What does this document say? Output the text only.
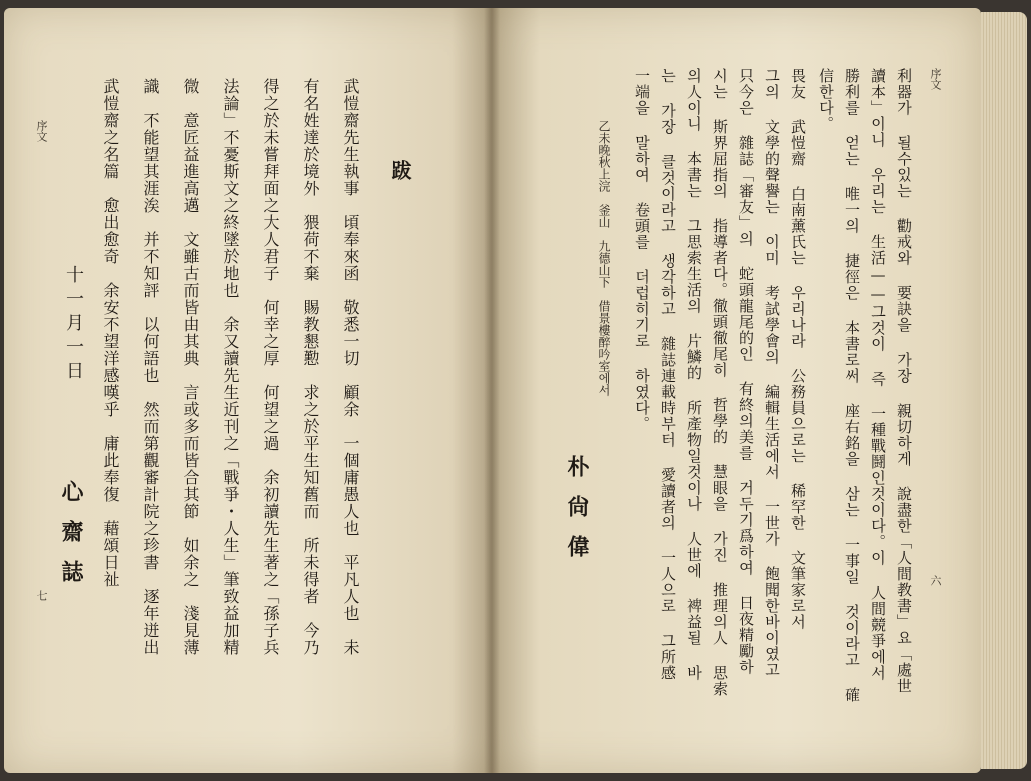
序文
七 心齋誌
十一月一日 武愷齋之名篇　愈出愈奇　余安不望洋感嘆乎　庸此奉復　藉頌日祉 識　不能望其涯涘　并不知評　以何語也　然而第觀審計院之珍書　逐年迸出 微　意匠益進高邁　文雖古而皆由其典　言或多而皆合其節　如余之　淺見薄 法論」不憂斯文之終墜於地也　余又讀先生近刊之「戰爭・人生」筆致益加精 得之於未嘗拜面之大人君子　何幸之厚　何望之過　余初讀先生著之「孫子兵 有名姓達於境外　猥荷不棄　賜教懇懃　求之於平生知舊而　所未得者　今乃 武愷齋先生執事　頃奉來函　敬悉一切　顧余　一個庸愚人也　平凡人也　未 跋
朴尙偉
乙未晚秋上浣　釜山　九德山下　借景樓醉吟室에서 一端을 말하여 卷頭를 더럽히기로 하였다。 는 가장 클것이라고 생각하고 雜誌連載時부터 愛讀者의 一人으로 그所感 의人이니 本書는 그思索生活의 片鱗的 所產物일것이나 人世에 裨益될 바 시는 斯界屈指의 指導者다。徹頭徹尾히 哲學的 慧眼을 가진 推理의人 思索 只今은 雜誌「審友」의 蛇頭龍尾的인 有終의美를 거두기爲하여 日夜精勵하 그의 文學的聲譽는 이미 考試學會의 編輯生活에서 一世가 飽聞한바이였고 畏友 武愷齋 白南薰氏는 우리나라 公務員으로는 稀罕한 文筆家로서 信한다。 勝利를 얻는 唯一의 捷徑은 本書로써 座右銘을 삼는 一事일 것이라고 確 讀本」이니 우리는 生活——그것이 즉 一種戰鬪인것이다。이 人間競爭에서 利器가 될수있는 勸戒와 要訣을 가장 親切하게 說盡한「人間教書」요「處世 序文
六
